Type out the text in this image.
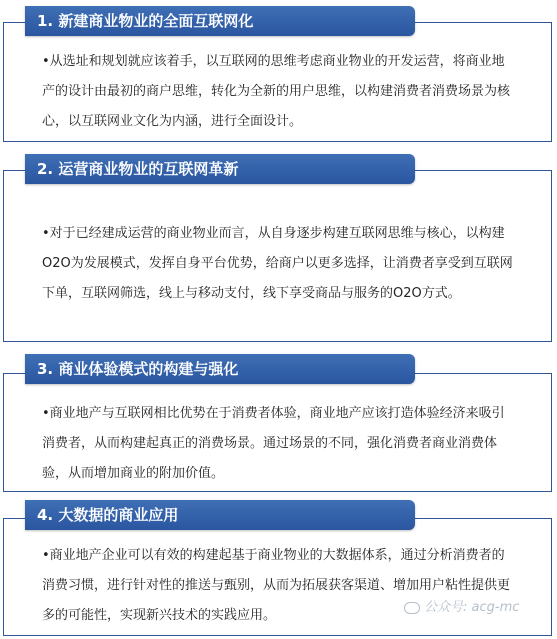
1. 新建商业物业的全面互联网化
•从选址和规划就应该着手，以互联网的思维考虑商业物业的开发运营，将商业地产的设计由最初的商户思维，转化为全新的用户思维，以构建消费者消费场景为核心，以互联网业文化为内涵，进行全面设计。
2. 运营商业物业的互联网革新
•对于已经建成运营的商业物业而言，从自身逐步构建互联网思维与核心，以构建O2O为发展模式，发挥自身平台优势，给商户以更多选择，让消费者享受到互联网下单，互联网筛选，线上与移动支付，线下享受商品与服务的O2O方式。
3. 商业体验模式的构建与强化
•商业地产与互联网相比优势在于消费者体验，商业地产应该打造体验经济来吸引消费者，从而构建起真正的消费场景。通过场景的不同，强化消费者商业消费体验，从而增加商业的附加价值。
4. 大数据的商业应用
•商业地产企业可以有效的构建起基于商业物业的大数据体系，通过分析消费者的消费习惯，进行针对性的推送与甄别，从而为拓展获客渠道、增加用户粘性提供更多的可能性，实现新兴技术的实践应用。
公众号: acg-mc
